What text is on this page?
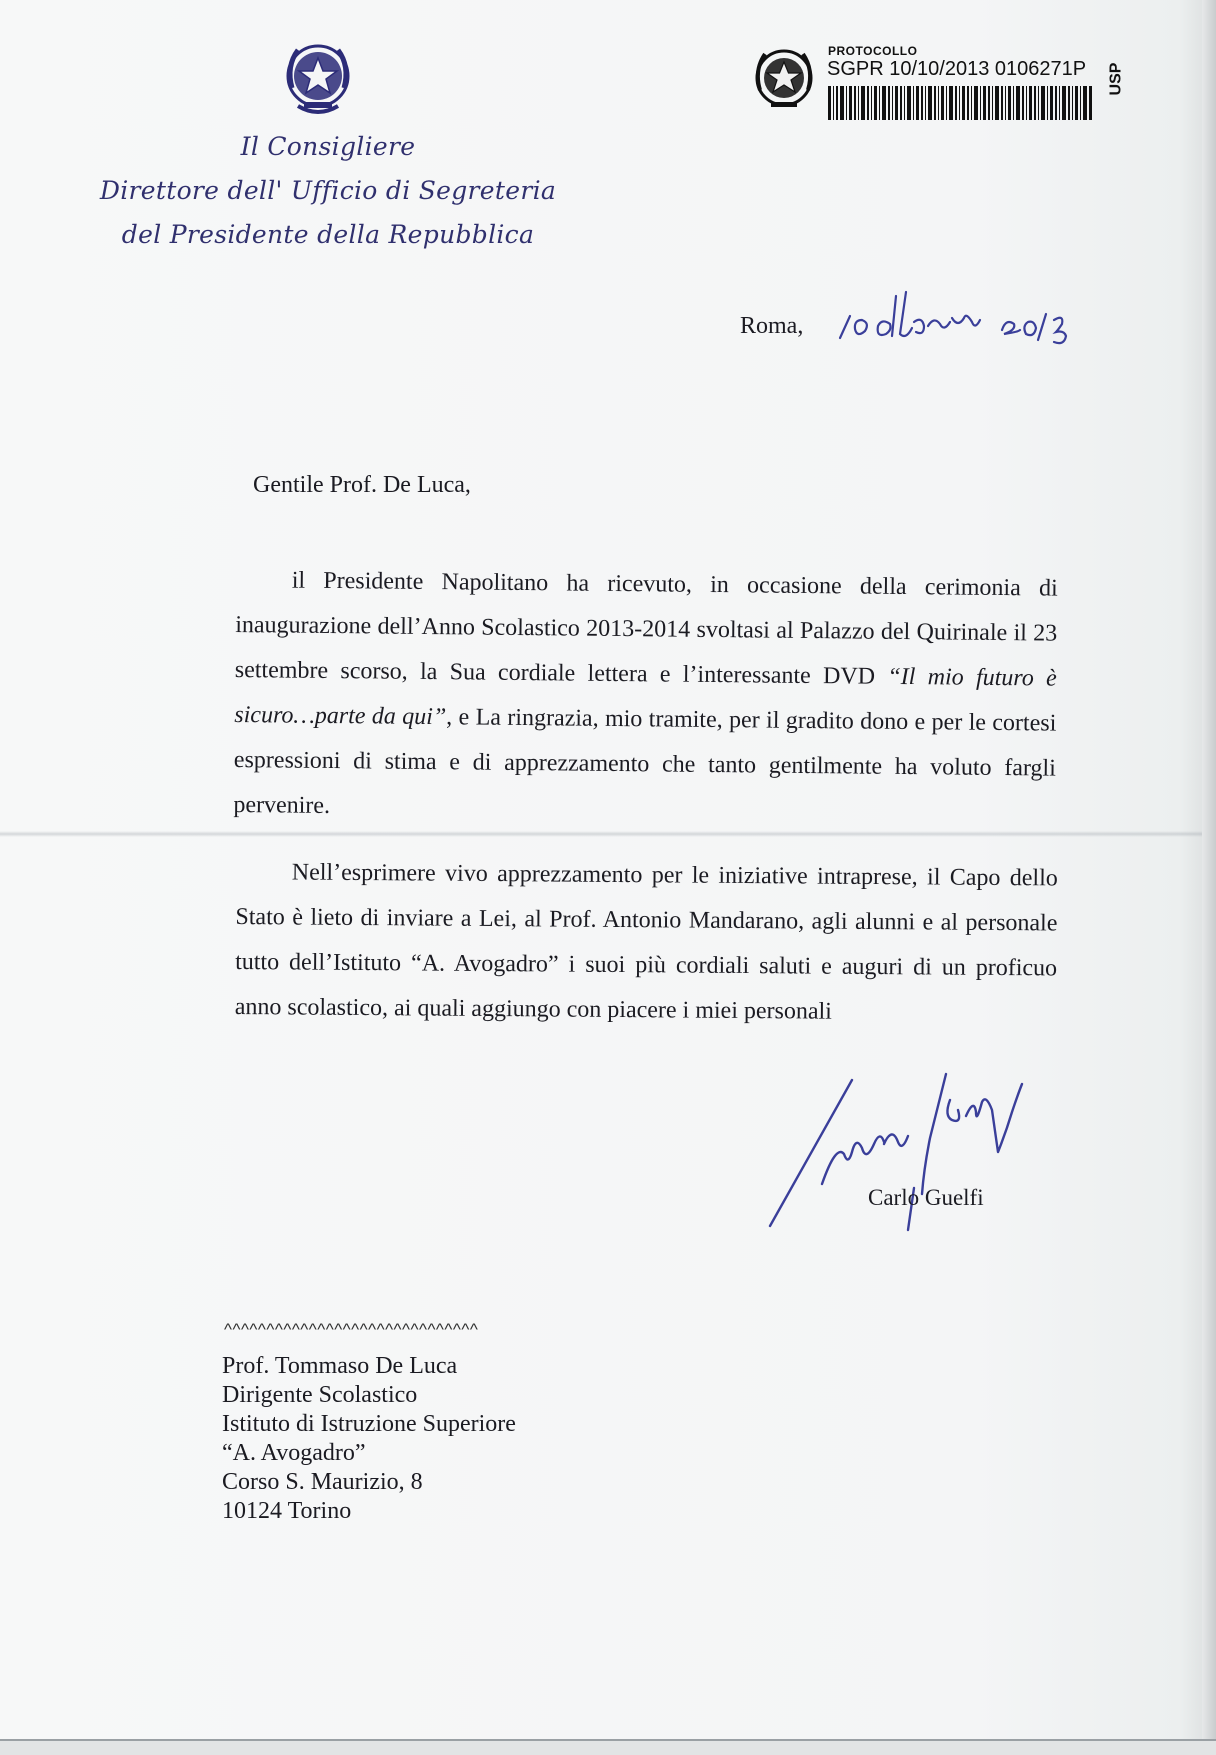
Il Consigliere
Direttore dell' Ufficio di Segreteria
del Presidente della Repubblica
PROTOCOLLO
SGPR 10/10/2013 0106271P USP
Roma,
Gentile Prof. De Luca,

il Presidente Napolitano ha ricevuto, in occasione della cerimonia di inaugurazione dell’Anno Scolastico 2013-2014 svoltasi al Palazzo del Quirinale il 23 settembre scorso, la Sua cordiale lettera e l’interessante DVD “Il mio futuro è sicuro…parte da qui”, e La ringrazia, mio tramite, per il gradito dono e per le cortesi espressioni di stima e di apprezzamento che tanto gentilmente ha voluto fargli pervenire.

Nell’esprimere vivo apprezzamento per le iniziative intraprese, il Capo dello Stato è lieto di inviare a Lei, al Prof. Antonio Mandarano, agli alunni e al personale tutto dell’Istituto “A. Avogadro” i suoi più cordiali saluti e auguri di un proficuo anno scolastico, ai quali aggiungo con piacere i miei personali

Carlo Guelfi
^^^^^^^^^^^^^^^^^^^^^^^^^^^^^^
Prof. Tommaso De Luca
Dirigente Scolastico
Istituto di Istruzione Superiore
“A. Avogadro”
Corso S. Maurizio, 8
10124 Torino
